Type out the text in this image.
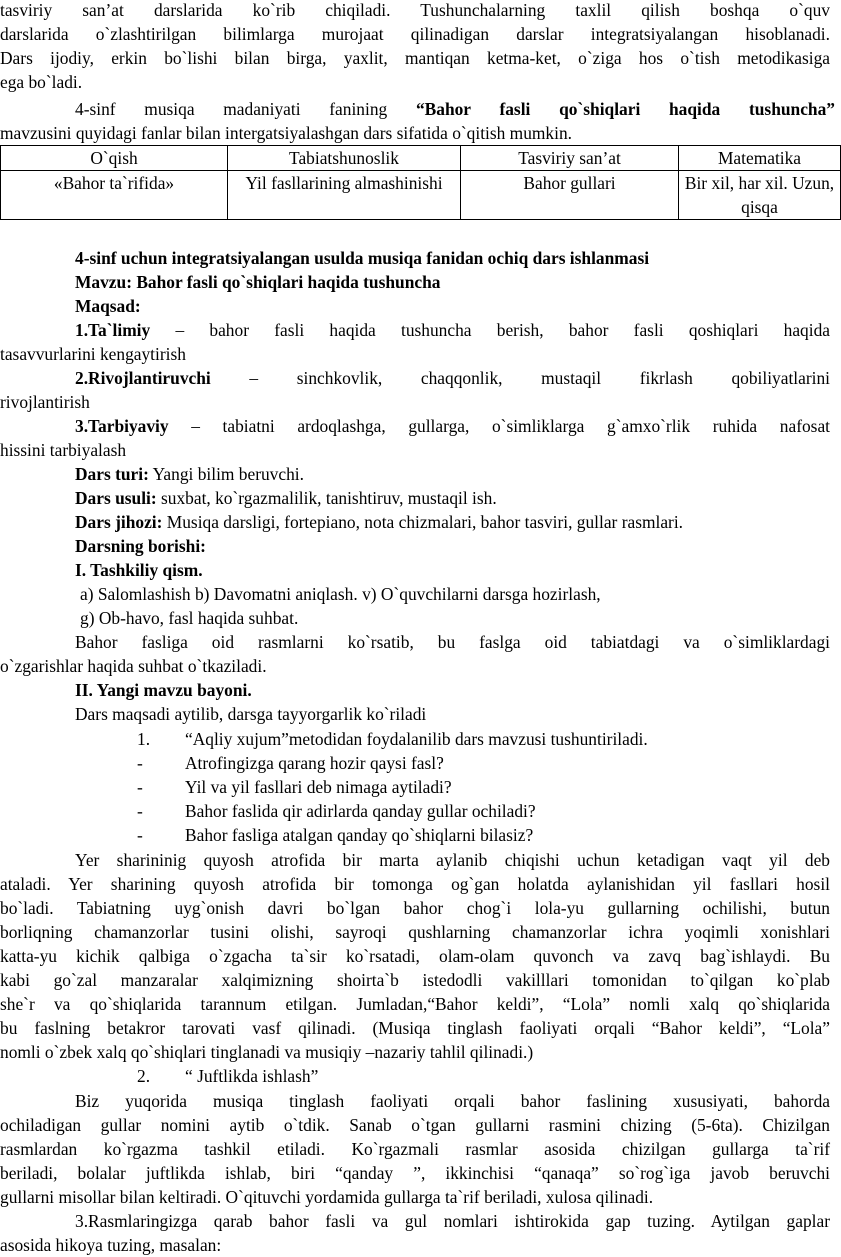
tasviriy san’at darslarida ko`rib chiqiladi. Tushunchalarning taxlil qilish boshqa o`quv
darslarida o`zlashtirilgan bilimlarga murojaat qilinadigan darslar integratsiyalangan hisoblanadi.
Dars ijodiy, erkin bo`lishi bilan birga, yaxlit, mantiqan ketma-ket, o`ziga hos o`tish metodikasiga
ega bo`ladi.
4-sinf musiqa madaniyati fanining “Bahor fasli qo`shiqlari haqida tushuncha”
mavzusini quyidagi fanlar bilan intergatsiyalashgan dars sifatida o`qitish mumkin.
O`qish	Tabiatshunoslik	Tasviriy san’at	Matematika
«Bahor ta`rifida»	Yil fasllarining almashinishi	Bahor gullari	Bir xil, har xil. Uzun, qisqa
4-sinf uchun integratsiyalangan usulda musiqa fanidan ochiq dars ishlanmasi
Mavzu: Bahor fasli qo`shiqlari haqida tushuncha
Maqsad:
1.Ta`limiy – bahor fasli haqida tushuncha berish, bahor fasli qoshiqlari haqida
tasavvurlarini kengaytirish
2.Rivojlantiruvchi – sinchkovlik, chaqqonlik, mustaqil fikrlash qobiliyatlarini
rivojlantirish
3.Tarbiyaviy – tabiatni ardoqlashga, gullarga, o`simliklarga g`amxo`rlik ruhida nafosat
hissini tarbiyalash
Dars turi: Yangi bilim beruvchi.
Dars usuli: suxbat, ko`rgazmalilik, tanishtiruv, mustaqil ish.
Dars jihozi: Musiqa darsligi, fortepiano, nota chizmalari, bahor tasviri, gullar rasmlari.
Darsning borishi:
I. Tashkiliy qism.
a) Salomlashish b) Davomatni aniqlash. v) O`quvchilarni darsga hozirlash,
g) Ob-havo, fasl haqida suhbat.
Bahor fasliga oid rasmlarni ko`rsatib, bu faslga oid tabiatdagi va o`simliklardagi
o`zgarishlar haqida suhbat o`tkaziladi.
II. Yangi mavzu bayoni.
Dars maqsadi aytilib, darsga tayyorgarlik ko`riladi
1. “Aqliy xujum”metodidan foydalanilib dars mavzusi tushuntiriladi.
- Atrofingizga qarang hozir qaysi fasl?
- Yil va yil fasllari deb nimaga aytiladi?
- Bahor faslida qir adirlarda qanday gullar ochiladi?
- Bahor fasliga atalgan qanday qo`shiqlarni bilasiz?
Yer sharininig quyosh atrofida bir marta aylanib chiqishi uchun ketadigan vaqt yil deb
ataladi. Yer sharining quyosh atrofida bir tomonga og`gan holatda aylanishidan yil fasllari hosil
bo`ladi. Tabiatning uyg`onish davri bo`lgan bahor chog`i lola-yu gullarning ochilishi, butun
borliqning chamanzorlar tusini olishi, sayroqi qushlarning chamanzorlar ichra yoqimli xonishlari
katta-yu kichik qalbiga o`zgacha ta`sir ko`rsatadi, olam-olam quvonch va zavq bag`ishlaydi. Bu
kabi go`zal manzaralar xalqimizning shoirta`b istedodli vakilllari tomonidan to`qilgan ko`plab
she`r va qo`shiqlarida tarannum etilgan. Jumladan,“Bahor keldi”, “Lola” nomli xalq qo`shiqlarida
bu faslning betakror tarovati vasf qilinadi. (Musiqa tinglash faoliyati orqali “Bahor keldi”, “Lola”
nomli o`zbek xalq qo`shiqlari tinglanadi va musiqiy –nazariy tahlil qilinadi.)
2. “ Juftlikda ishlash”
Biz yuqorida musiqa tinglash faoliyati orqali bahor faslining xususiyati, bahorda
ochiladigan gullar nomini aytib o`tdik. Sanab o`tgan gullarni rasmini chizing (5-6ta). Chizilgan
rasmlardan ko`rgazma tashkil etiladi. Ko`rgazmali rasmlar asosida chizilgan gullarga ta`rif
beriladi, bolalar juftlikda ishlab, biri “qanday ”, ikkinchisi “qanaqa” so`rog`iga javob beruvchi
gullarni misollar bilan keltiradi. O`qituvchi yordamida gullarga ta`rif beriladi, xulosa qilinadi.
3.Rasmlaringizga qarab bahor fasli va gul nomlari ishtirokida gap tuzing. Aytilgan gaplar
asosida hikoya tuzing, masalan:
